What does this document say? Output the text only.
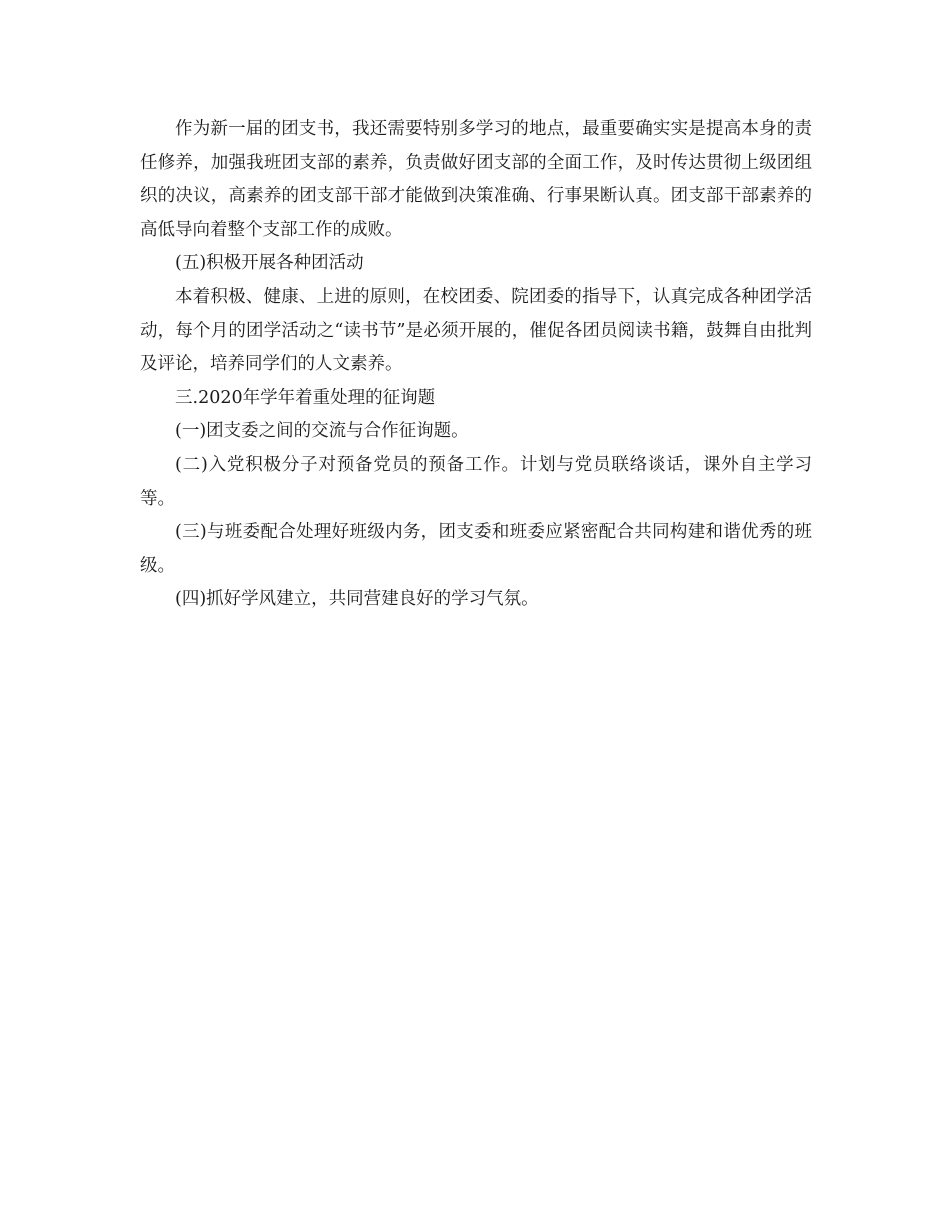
作为新一届的团支书，我还需要特别多学习的地点，最重要确实实是提高本身的责任修养，加强我班团支部的素养，负责做好团支部的全面工作，及时传达贯彻上级团组织的决议，高素养的团支部干部才能做到决策准确、行事果断认真。团支部干部素养的高低导向着整个支部工作的成败。

(五)积极开展各种团活动

本着积极、健康、上进的原则，在校团委、院团委的指导下，认真完成各种团学活动，每个月的团学活动之“读书节”是必须开展的，催促各团员阅读书籍，鼓舞自由批判及评论，培养同学们的人文素养。

三.2020年学年着重处理的征询题

(一)团支委之间的交流与合作征询题。

(二)入党积极分子对预备党员的预备工作。计划与党员联络谈话，课外自主学习等。

(三)与班委配合处理好班级内务，团支委和班委应紧密配合共同构建和谐优秀的班级。

(四)抓好学风建立，共同营建良好的学习气氛。
